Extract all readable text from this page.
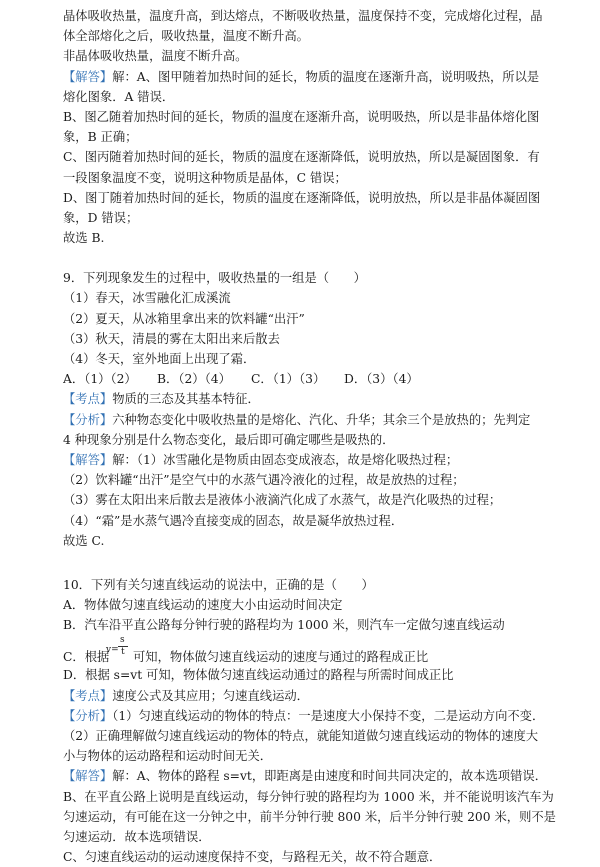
晶体吸收热量，温度升高，到达熔点，不断吸收热量，温度保持不变，完成熔化过程，晶
体全部熔化之后，吸收热量，温度不断升高。
非晶体吸收热量，温度不断升高。
【解答】解：A、图甲随着加热时间的延长，物质的温度在逐渐升高，说明吸热，所以是
熔化图象．A 错误．
B、图乙随着加热时间的延长，物质的温度在逐渐升高，说明吸热，所以是非晶体熔化图
象，B 正确；
C、图丙随着加热时间的延长，物质的温度在逐渐降低，说明放热，所以是凝固图象．有
一段图象温度不变，说明这种物质是晶体，C 错误；
D、图丁随着加热时间的延长，物质的温度在逐渐降低，说明放热，所以是非晶体凝固图
象，D 错误；
故选 B.
9．下列现象发生的过程中，吸收热量的一组是（　　）
（1）春天，冰雪融化汇成溪流
（2）夏天，从冰箱里拿出来的饮料罐“出汗”
（3）秋天，清晨的雾在太阳出来后散去
（4）冬天，室外地面上出现了霜．
A．（1）（2） B．（2）（4） C．（1）（3） D．（3）（4）
【考点】物质的三态及其基本特征．
【分析】六种物态变化中吸收热量的是熔化、汽化、升华；其余三个是放热的；先判定
4 种现象分别是什么物态变化，最后即可确定哪些是吸热的．
【解答】解：（1）冰雪融化是物质由固态变成液态，故是熔化吸热过程；
（2）饮料罐“出汗”是空气中的水蒸气遇冷液化的过程，故是放热的过程；
（3）雾在太阳出来后散去是液体小液滴汽化成了水蒸气，故是汽化吸热的过程；
（4）“霜”是水蒸气遇冷直接变成的固态，故是凝华放热过程．
故选 C.
10．下列有关匀速直线运动的说法中，正确的是（　　）
A．物体做匀速直线运动的速度大小由运动时间决定
B．汽车沿平直公路每分钟行驶的路程均为 1000 米，则汽车一定做匀速直线运动
C．根据
v=
s
t 可知，物体做匀速直线运动的速度与通过的路程成正比
D．根据 s=vt 可知，物体做匀速直线运动通过的路程与所需时间成正比
【考点】速度公式及其应用；匀速直线运动．
【分析】（1）匀速直线运动的物体的特点：一是速度大小保持不变，二是运动方向不变．
（2）正确理解做匀速直线运动的物体的特点，就能知道做匀速直线运动的物体的速度大
小与物体的运动路程和运动时间无关．
【解答】解：A、物体的路程 s=vt，即距离是由速度和时间共同决定的，故本选项错误．
B、在平直公路上说明是直线运动，每分钟行驶的路程均为 1000 米，并不能说明该汽车为
匀速运动，有可能在这一分钟之中，前半分钟行驶 800 米，后半分钟行驶 200 米，则不是
匀速运动．故本选项错误．
C、匀速直线运动的运动速度保持不变，与路程无关，故不符合题意．
